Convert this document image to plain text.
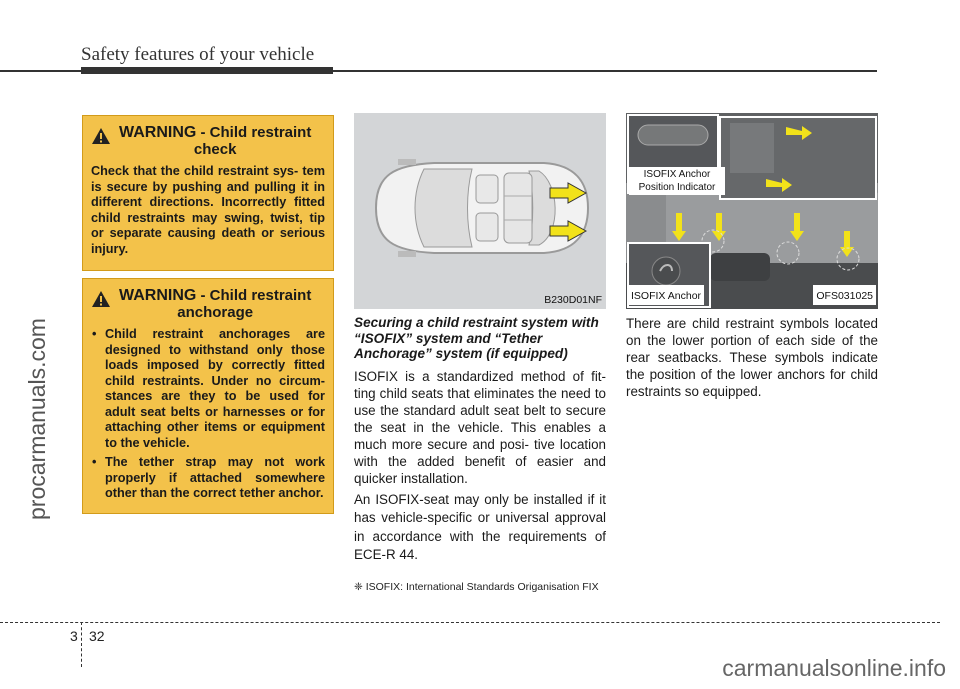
Safety features of your vehicle
procarmanuals.com
carmanualsonline.info
WARNING - Child restraint
check
Check that the child restraint sys- tem is secure by pushing and pulling it in different directions. Incorrectly fitted child restraints may swing, twist, tip or separate causing death or serious injury.
WARNING - Child restraint
anchorage
• Child restraint anchorages are designed to withstand only those loads imposed by correctly fitted child restraints. Under no circum- stances are they to be used for adult seat belts or harnesses or for attaching other items or equipment to the vehicle.
• The tether strap may not work properly if attached somewhere other than the correct tether anchor.
B230D01NF
ISOFIX Anchor
Position Indicator
ISOFIX Anchor	OFS031025

Securing a child restraint system with “ISOFIX” system and “Tether Anchorage” system (if equipped)

ISOFIX is a standardized method of fit- ting child seats that eliminates the need to use the standard adult seat belt to secure the seat in the vehicle. This enables a much more secure and posi- tive location with the added benefit of easier and quicker installation.

An ISOFIX-seat may only be installed if it has vehicle-specific or universal approval in accordance with the requirements of ECE-R 44.

❈ ISOFIX: International Standards Origanisation FIX

There are child restraint symbols located on the lower portion of each side of the rear seatbacks. These symbols indicate the position of the lower anchors for child restraints so equipped.

3 32
